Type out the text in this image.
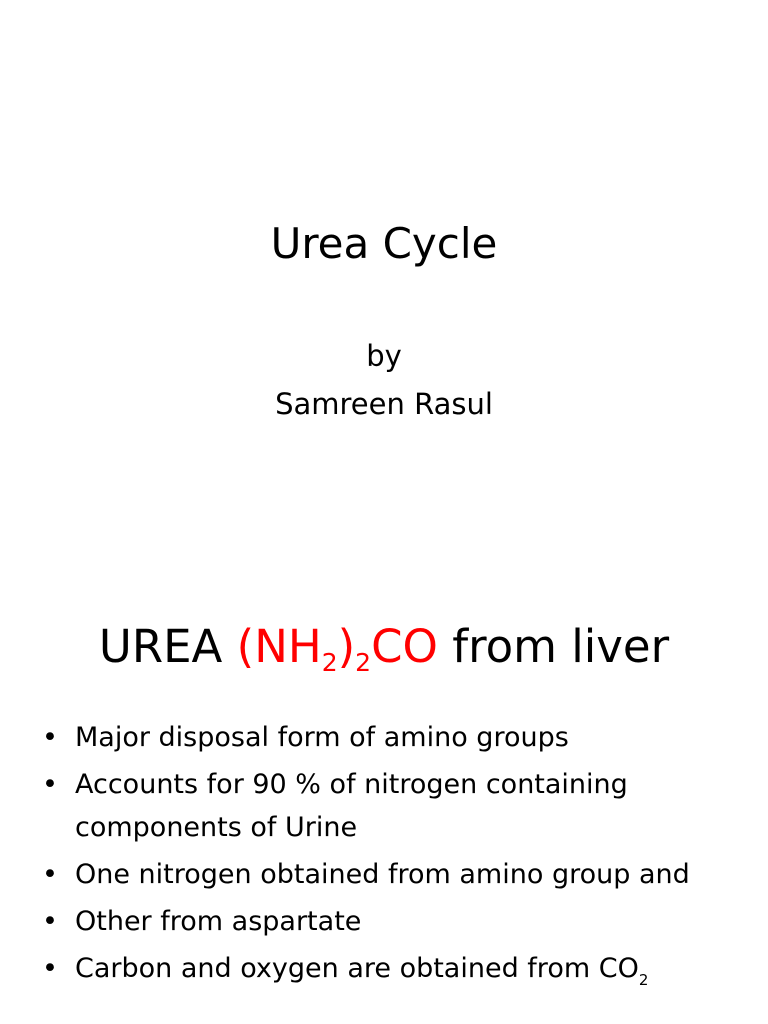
Urea Cycle
by
Samreen Rasul
UREA $(NH_2)_2CO$ from liver
• Major disposal form of amino groups
• Accounts for 90 % of nitrogen containing components of Urine
• One nitrogen obtained from amino group and
• Other from aspartate
• Carbon and oxygen are obtained from $CO_2$
